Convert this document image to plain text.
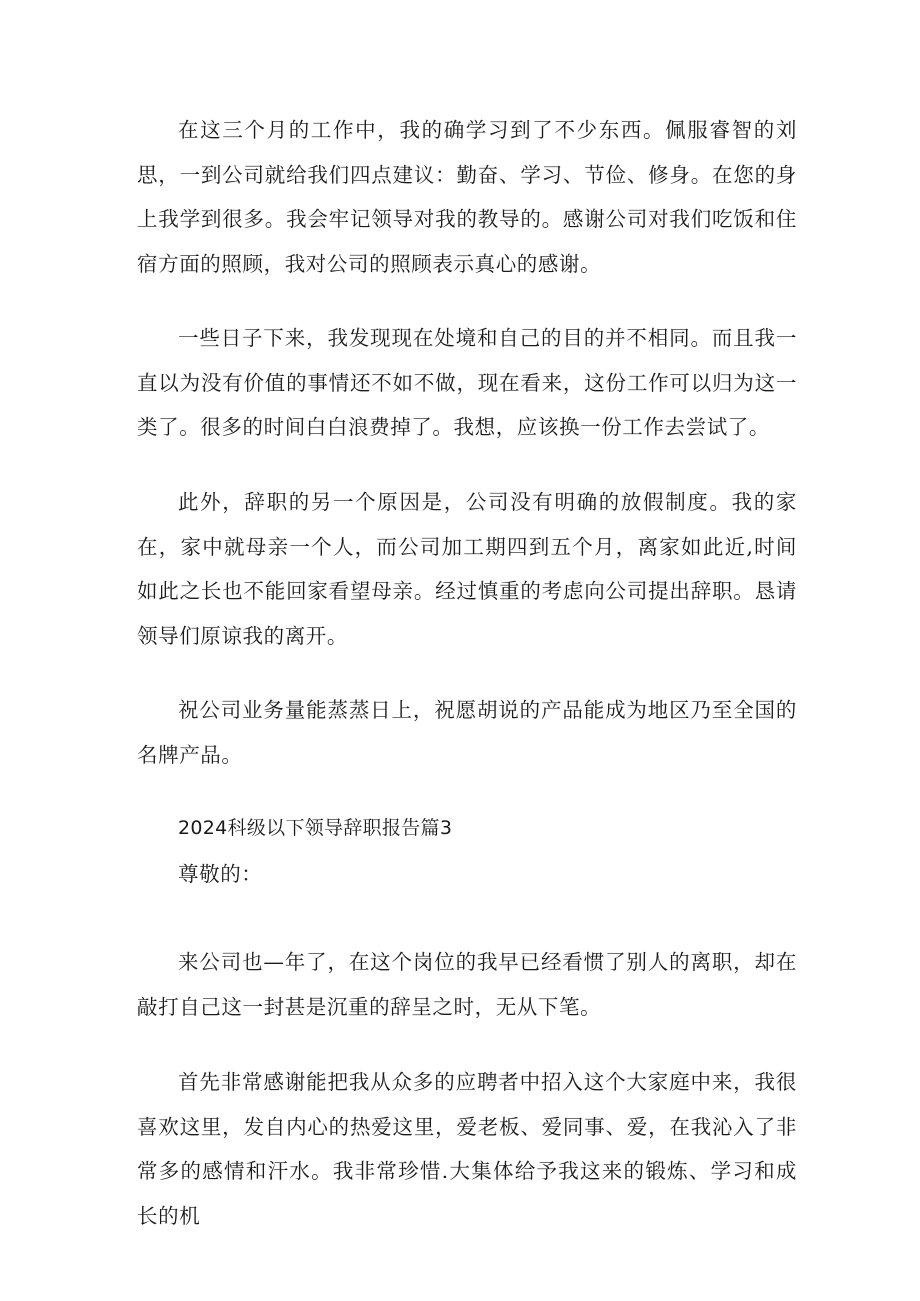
在这三个月的工作中，我的确学习到了不少东西。佩服睿智的刘思，一到公司就给我们四点建议：勤奋、学习、节俭、修身。在您的身上我学到很多。我会牢记领导对我的教导的。感谢公司对我们吃饭和住宿方面的照顾，我对公司的照顾表示真心的感谢。

一些日子下来，我发现现在处境和自己的目的并不相同。而且我一直以为没有价值的事情还不如不做，现在看来，这份工作可以归为这一类了。很多的时间白白浪费掉了。我想，应该换一份工作去尝试了。

此外，辞职的另一个原因是，公司没有明确的放假制度。我的家在，家中就母亲一个人，而公司加工期四到五个月，离家如此近,时间如此之长也不能回家看望母亲。经过慎重的考虑向公司提出辞职。恳请领导们原谅我的离开。

祝公司业务量能蒸蒸日上，祝愿胡说的产品能成为地区乃至全国的名牌产品。

2024科级以下领导辞职报告篇3

尊敬的：

来公司也—年了，在这个岗位的我早已经看惯了别人的离职，却在敲打自己这一封甚是沉重的辞呈之时，无从下笔。

首先非常感谢能把我从众多的应聘者中招入这个大家庭中来，我很喜欢这里，发自内心的热爱这里，爱老板、爱同事、爱，在我沁入了非常多的感情和汗水。我非常珍惜.大集体给予我这来的锻炼、学习和成长的机
